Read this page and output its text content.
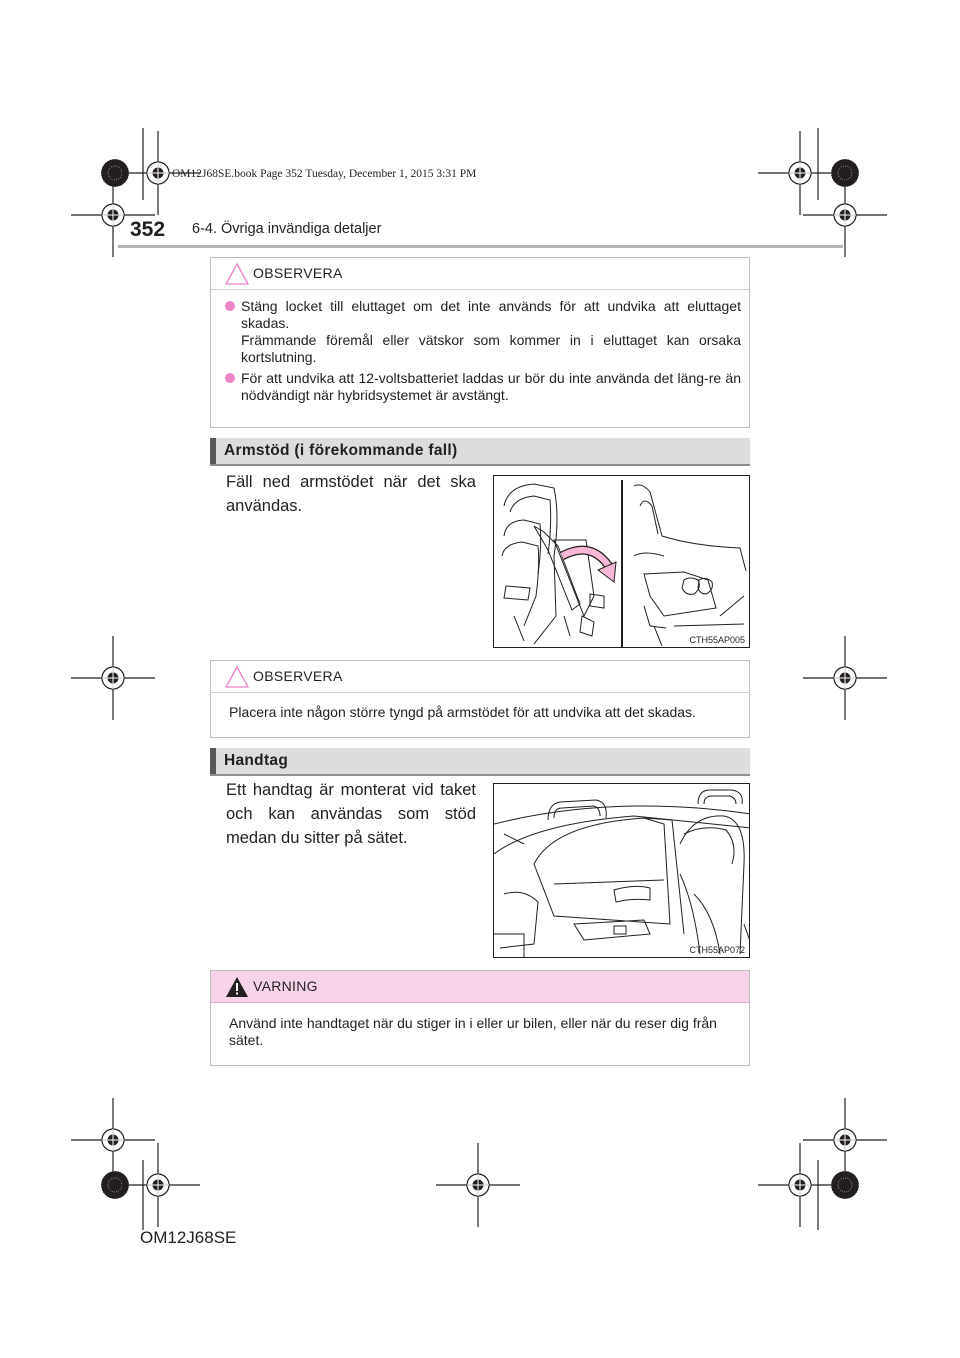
OM12J68SE.book Page 352 Tuesday, December 1, 2015 3:31 PM
352 6-4. Övriga invändiga detaljer
OBSERVERA
Stäng locket till eluttaget om det inte används för att undvika att eluttaget skadas.
Främmande föremål eller vätskor som kommer in i eluttaget kan orsaka kortslutning.
För att undvika att 12-voltsbatteriet laddas ur bör du inte använda det läng-re än nödvändigt när hybridsystemet är avstängt.
Armstöd (i förekommande fall)
Fäll ned armstödet när det ska
användas.
CTH55AP005
OBSERVERA
Placera inte någon större tyngd på armstödet för att undvika att det skadas.
Handtag
Ett handtag är monterat vid taket
och kan användas som stöd
medan du sitter på sätet.
CTH55AP072
VARNING
Använd inte handtaget när du stiger in i eller ur bilen, eller när du reser dig från sätet.
OM12J68SE
